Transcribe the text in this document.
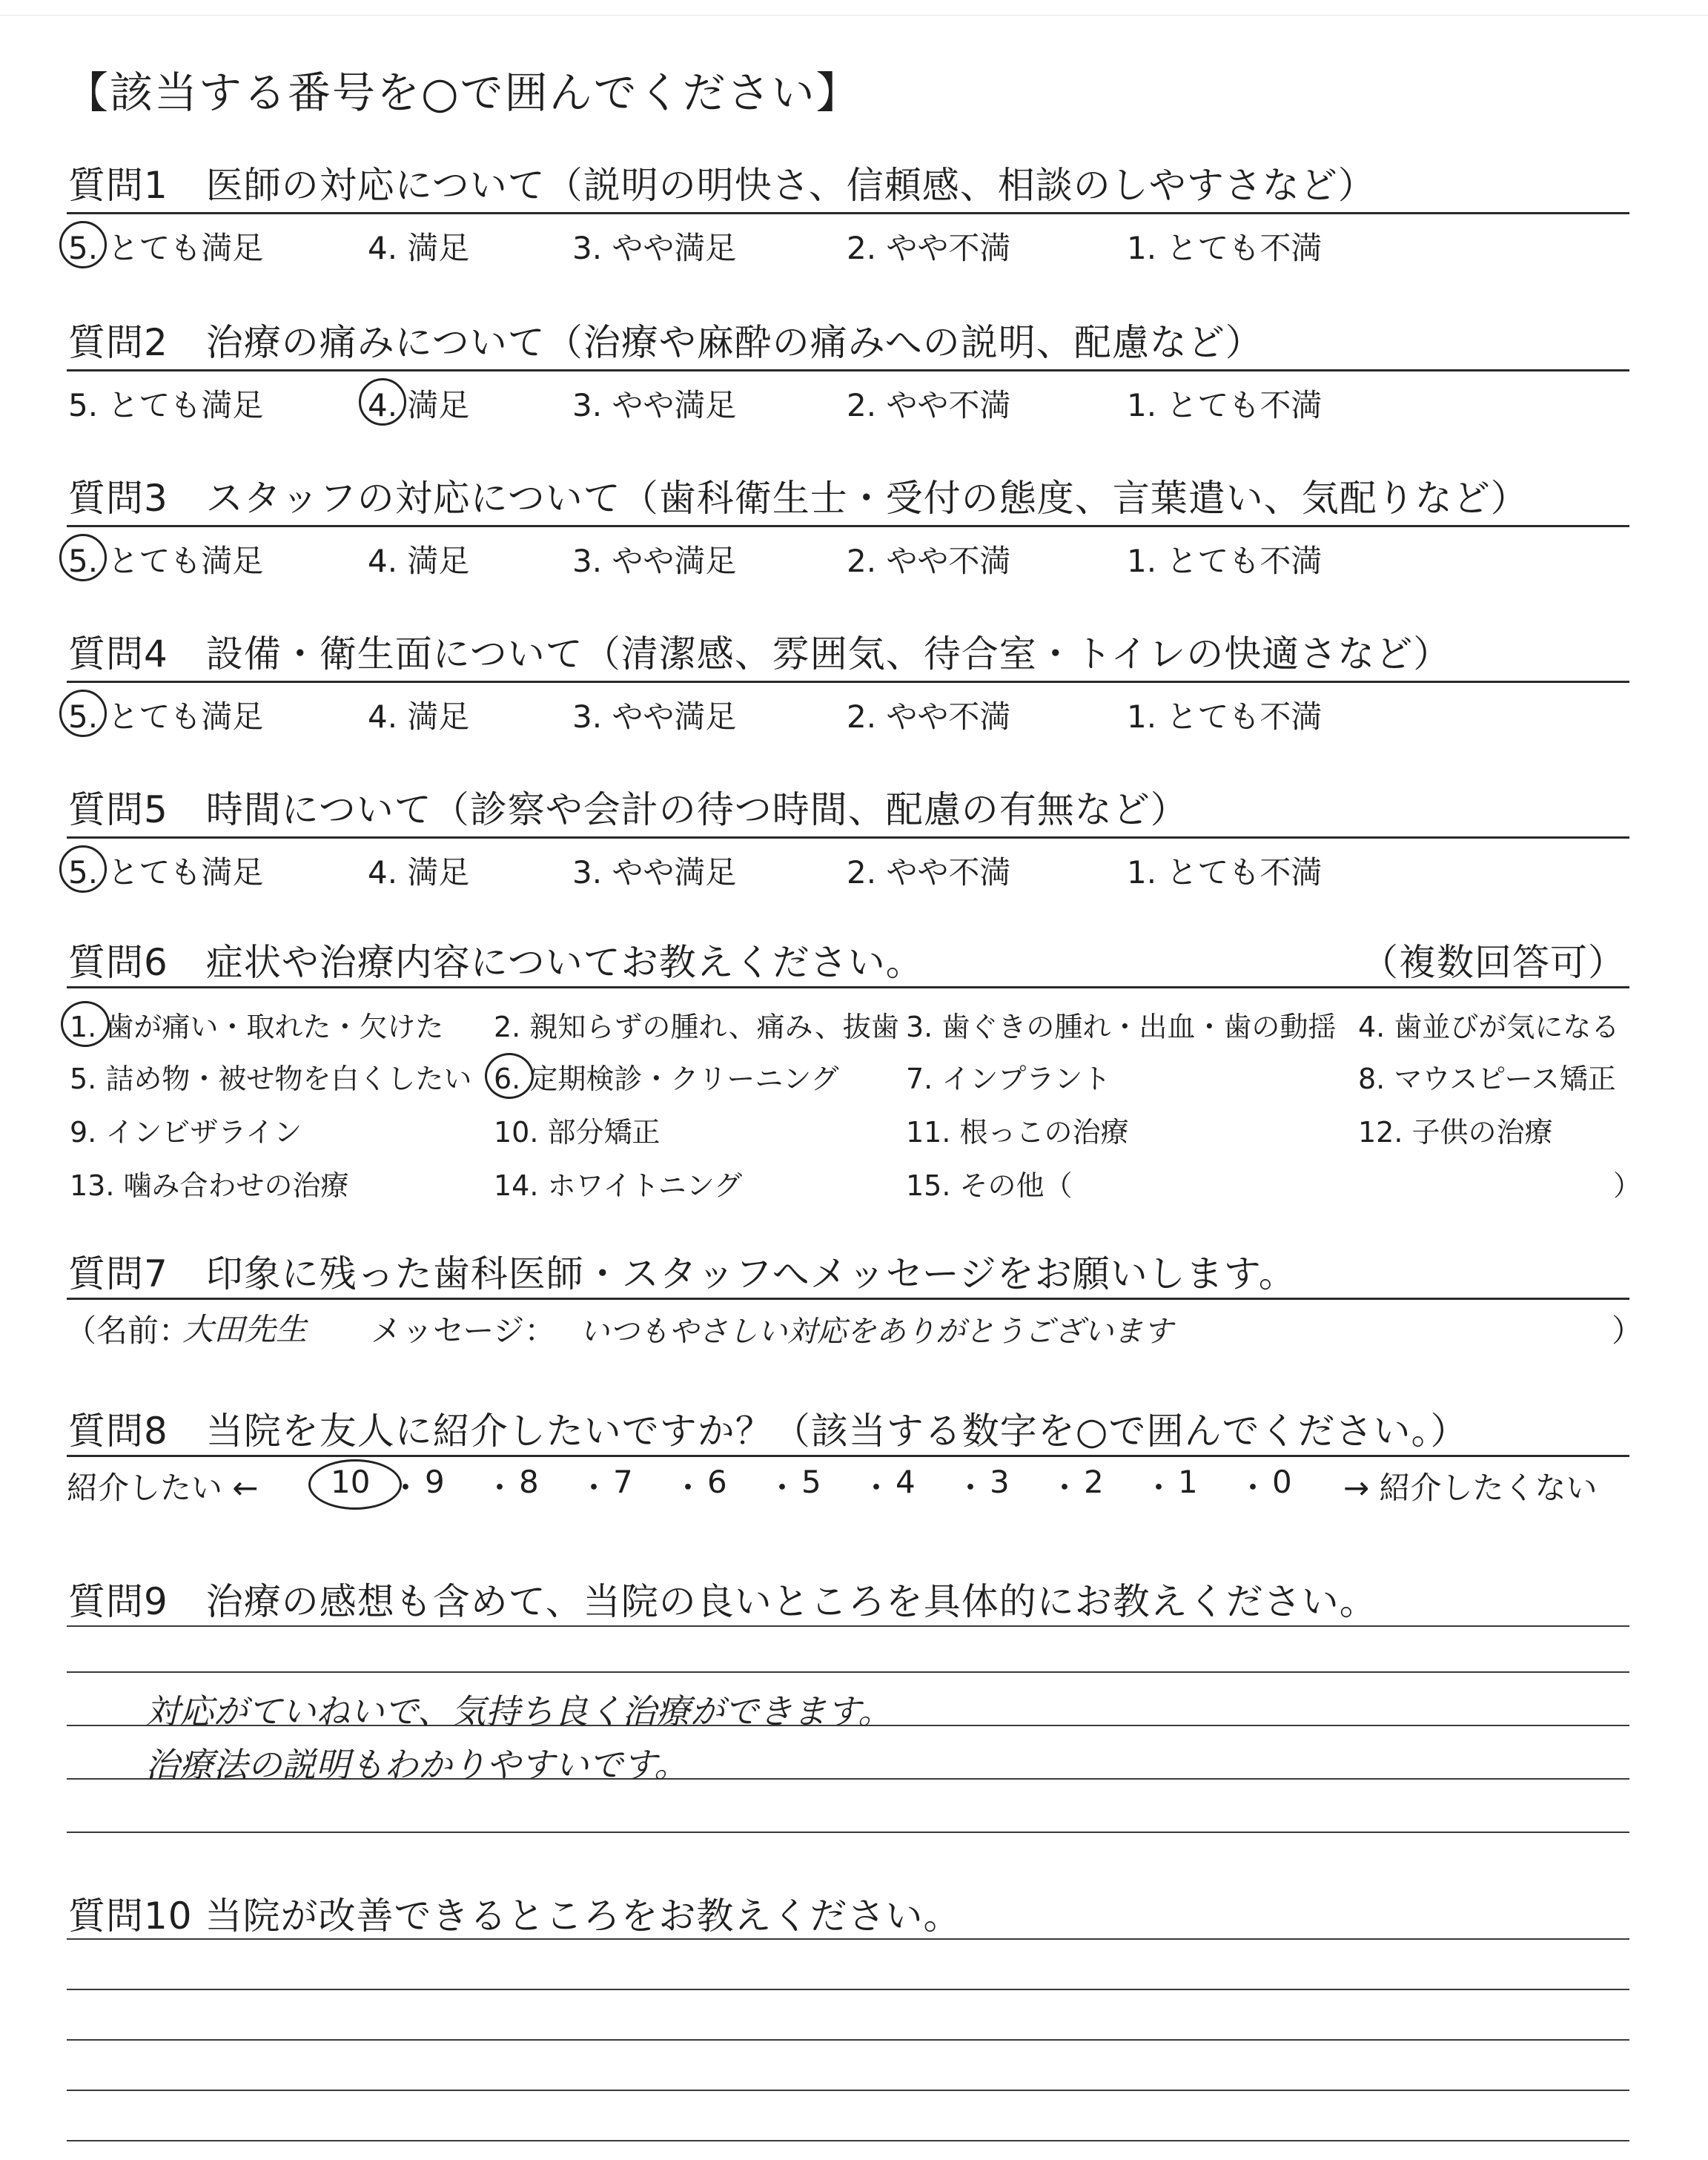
【該当する番号を○で囲んでください】
質問1　医師の対応について（説明の明快さ、信頼感、相談のしやすさなど）
5. とても満足	4. 満足	3. やや満足	2. やや不満	1. とても不満
質問2　治療の痛みについて（治療や麻酔の痛みへの説明、配慮など）
5. とても満足	4. 満足	3. やや満足	2. やや不満	1. とても不満
質問3　スタッフの対応について（歯科衛生士・受付の態度、言葉遣い、気配りなど）
5. とても満足	4. 満足	3. やや満足	2. やや不満	1. とても不満
質問4　設備・衛生面について（清潔感、雰囲気、待合室・トイレの快適さなど）
5. とても満足	4. 満足	3. やや満足	2. やや不満	1. とても不満
質問5　時間について（診察や会計の待つ時間、配慮の有無など）
5. とても満足	4. 満足	3. やや満足	2. やや不満	1. とても不満
質問6　症状や治療内容についてお教えください。	（複数回答可）
1. 歯が痛い・取れた・欠けた 2. 親知らずの腫れ、痛み、抜歯 3. 歯ぐきの腫れ・出血・歯の動揺 4. 歯並びが気になる
5. 詰め物・被せ物を白くしたい 6. 定期検診・クリーニング 7. インプラント	8. マウスピース矯正
9. インビザライン	10. 部分矯正	11. 根っこの治療	12. 子供の治療
13. 噛み合わせの治療	14. ホワイトニング	15. その他（	）
質問7　印象に残った歯科医師・スタッフへメッセージをお願いします。
（名前：
大田先生 メッセージ： いつもやさしい対応をありがとうございます	）
質問8　当院を友人に紹介したいですか？（該当する数字を○で囲んでください。）
紹介したい ← 10 ・ 9 ・ 8 ・ 7 ・ 6 ・ 5 ・ 4 ・ 3 ・ 2 ・ 1 ・ 0 → 紹介したくない
質問9　治療の感想も含めて、当院の良いところを具体的にお教えください。
対応がていねいで、気持ち良く治療ができます。
治療法の説明もわかりやすいです。
質問10 当院が改善できるところをお教えください。
